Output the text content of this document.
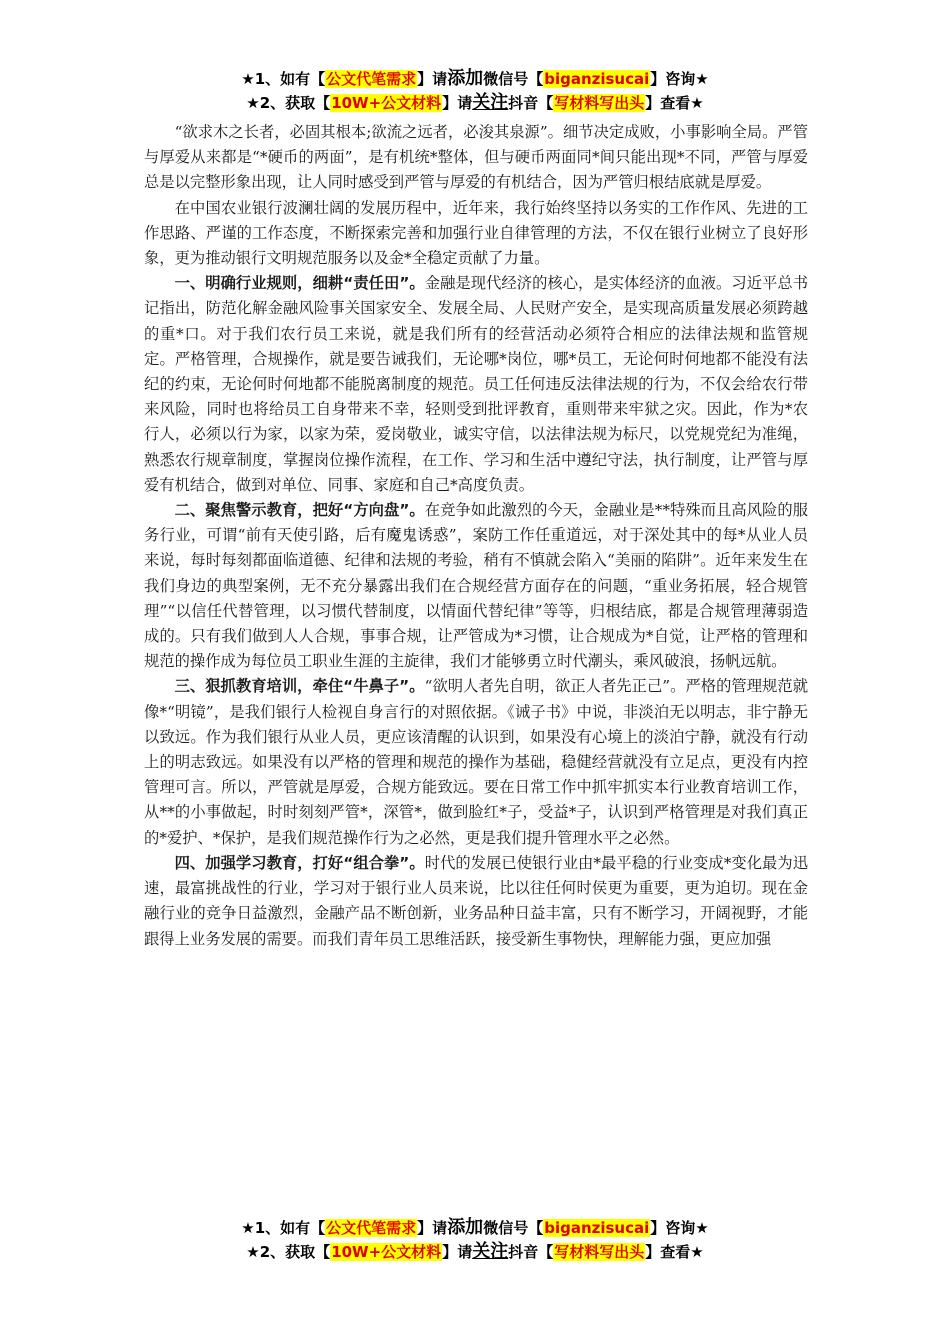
★1、如有【公文代笔需求】请添加微信号【biganzisucai】咨询★
★2、获取【10W+公文材料】请关注抖音【写材料写出头】查看★

“欲求木之长者，必固其根本;欲流之远者，必浚其泉源”。细节决定成败，小事影响全局。严管与厚爱从来都是“*硬币的两面”，是有机统*整体，但与硬币两面同*间只能出现*不同，严管与厚爱总是以完整形象出现，让人同时感受到严管与厚爱的有机结合，因为严管归根结底就是厚爱。

在中国农业银行波澜壮阔的发展历程中，近年来，我行始终坚持以务实的工作作风、先进的工作思路、严谨的工作态度，不断探索完善和加强行业自律管理的方法，不仅在银行业树立了良好形象，更为推动银行文明规范服务以及金*全稳定贡献了力量。

一、明确行业规则，细耕“责任田”。金融是现代经济的核心，是实体经济的血液。习近平总书记指出，防范化解金融风险事关国家安全、发展全局、人民财产安全，是实现高质量发展必须跨越的重*口。对于我们农行员工来说，就是我们所有的经营活动必须符合相应的法律法规和监管规定。严格管理，合规操作，就是要告诫我们，无论哪*岗位，哪*员工，无论何时何地都不能没有法纪的约束，无论何时何地都不能脱离制度的规范。员工任何违反法律法规的行为，不仅会给农行带来风险，同时也将给员工自身带来不幸，轻则受到批评教育，重则带来牢狱之灾。因此，作为*农行人，必须以行为家，以家为荣，爱岗敬业，诚实守信，以法律法规为标尺，以党规党纪为准绳，熟悉农行规章制度，掌握岗位操作流程，在工作、学习和生活中遵纪守法，执行制度，让严管与厚爱有机结合，做到对单位、同事、家庭和自己*高度负责。

二、聚焦警示教育，把好“方向盘”。在竞争如此激烈的今天，金融业是**特殊而且高风险的服务行业，可谓“前有天使引路，后有魔鬼诱惑”，案防工作任重道远，对于深处其中的每*从业人员来说，每时每刻都面临道德、纪律和法规的考验，稍有不慎就会陷入“美丽的陷阱”。近年来发生在我们身边的典型案例，无不充分暴露出我们在合规经营方面存在的问题，“重业务拓展，轻合规管理”“以信任代替管理，以习惯代替制度，以情面代替纪律”等等，归根结底，都是合规管理薄弱造成的。只有我们做到人人合规，事事合规，让严管成为*习惯，让合规成为*自觉，让严格的管理和规范的操作成为每位员工职业生涯的主旋律，我们才能够勇立时代潮头，乘风破浪，扬帆远航。

三、狠抓教育培训，牵住“牛鼻子”。“欲明人者先自明，欲正人者先正己”。严格的管理规范就像*“明镜”，是我们银行人检视自身言行的对照依据。《诫子书》中说，非淡泊无以明志，非宁静无以致远。作为我们银行从业人员，更应该清醒的认识到，如果没有心境上的淡泊宁静，就没有行动上的明志致远。如果没有以严格的管理和规范的操作为基础，稳健经营就没有立足点，更没有内控管理可言。所以，严管就是厚爱，合规方能致远。要在日常工作中抓牢抓实本行业教育培训工作，从**的小事做起，时时刻刻严管*，深管*，做到脸红*子，受益*子，认识到严格管理是对我们真正的*爱护、*保护，是我们规范操作行为之必然，更是我们提升管理水平之必然。

四、加强学习教育，打好“组合拳”。时代的发展已使银行业由*最平稳的行业变成*变化最为迅速，最富挑战性的行业，学习对于银行业人员来说，比以往任何时侯更为重要，更为迫切。现在金融行业的竞争日益激烈，金融产品不断创新，业务品种日益丰富，只有不断学习，开阔视野，才能跟得上业务发展的需要。而我们青年员工思维活跃，接受新生事物快，理解能力强，更应加强

★1、如有【公文代笔需求】请添加微信号【biganzisucai】咨询★
★2、获取【10W+公文材料】请关注抖音【写材料写出头】查看★
